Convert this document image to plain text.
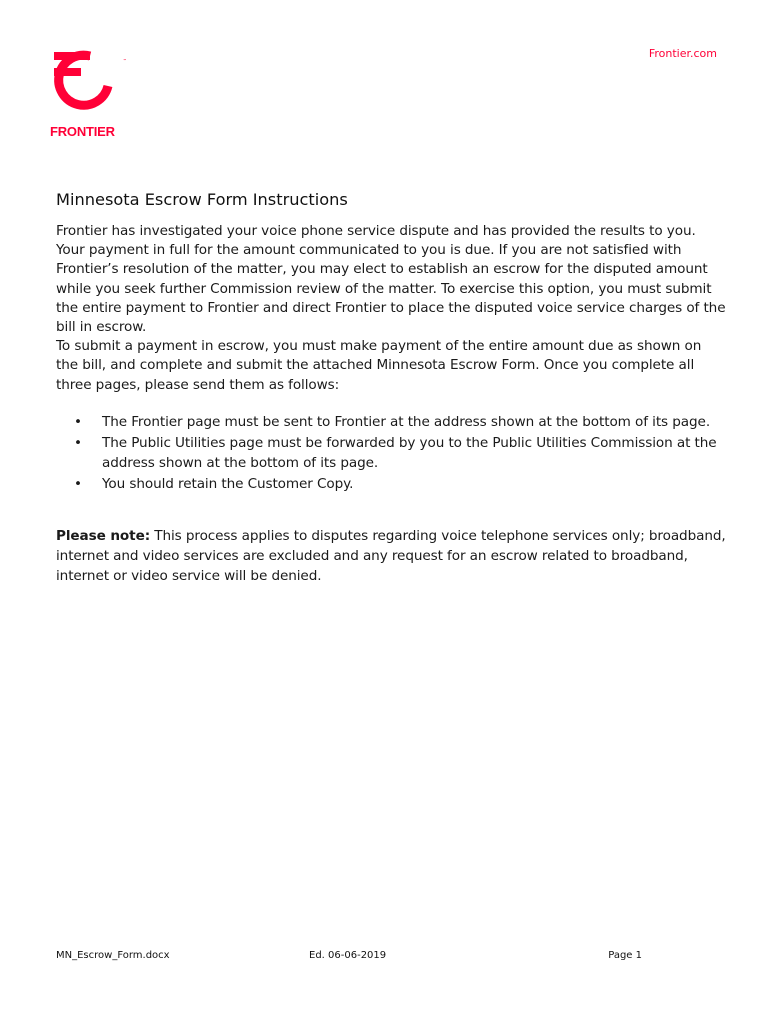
™
FRONTIER
Frontier.com
Minnesota Escrow Form Instructions

Frontier has investigated your voice phone service dispute and has provided the results to you. Your payment in full for the amount communicated to you is due. If you are not satisfied with Frontier’s resolution of the matter, you may elect to establish an escrow for the disputed amount while you seek further Commission review of the matter. To exercise this option, you must submit the entire payment to Frontier and direct Frontier to place the disputed voice service charges of the bill in escrow.

To submit a payment in escrow, you must make payment of the entire amount due as shown on the bill, and complete and submit the attached Minnesota Escrow Form. Once you complete all three pages, please send them as follows:

• The Frontier page must be sent to Frontier at the address shown at the bottom of its page.
• The Public Utilities page must be forwarded by you to the Public Utilities Commission at the address shown at the bottom of its page.
• You should retain the Customer Copy.

Please note: This process applies to disputes regarding voice telephone services only; broadband, internet and video services are excluded and any request for an escrow related to broadband, internet or video service will be denied.

MN_Escrow_Form.docx	Ed. 06-06-2019	Page 1
